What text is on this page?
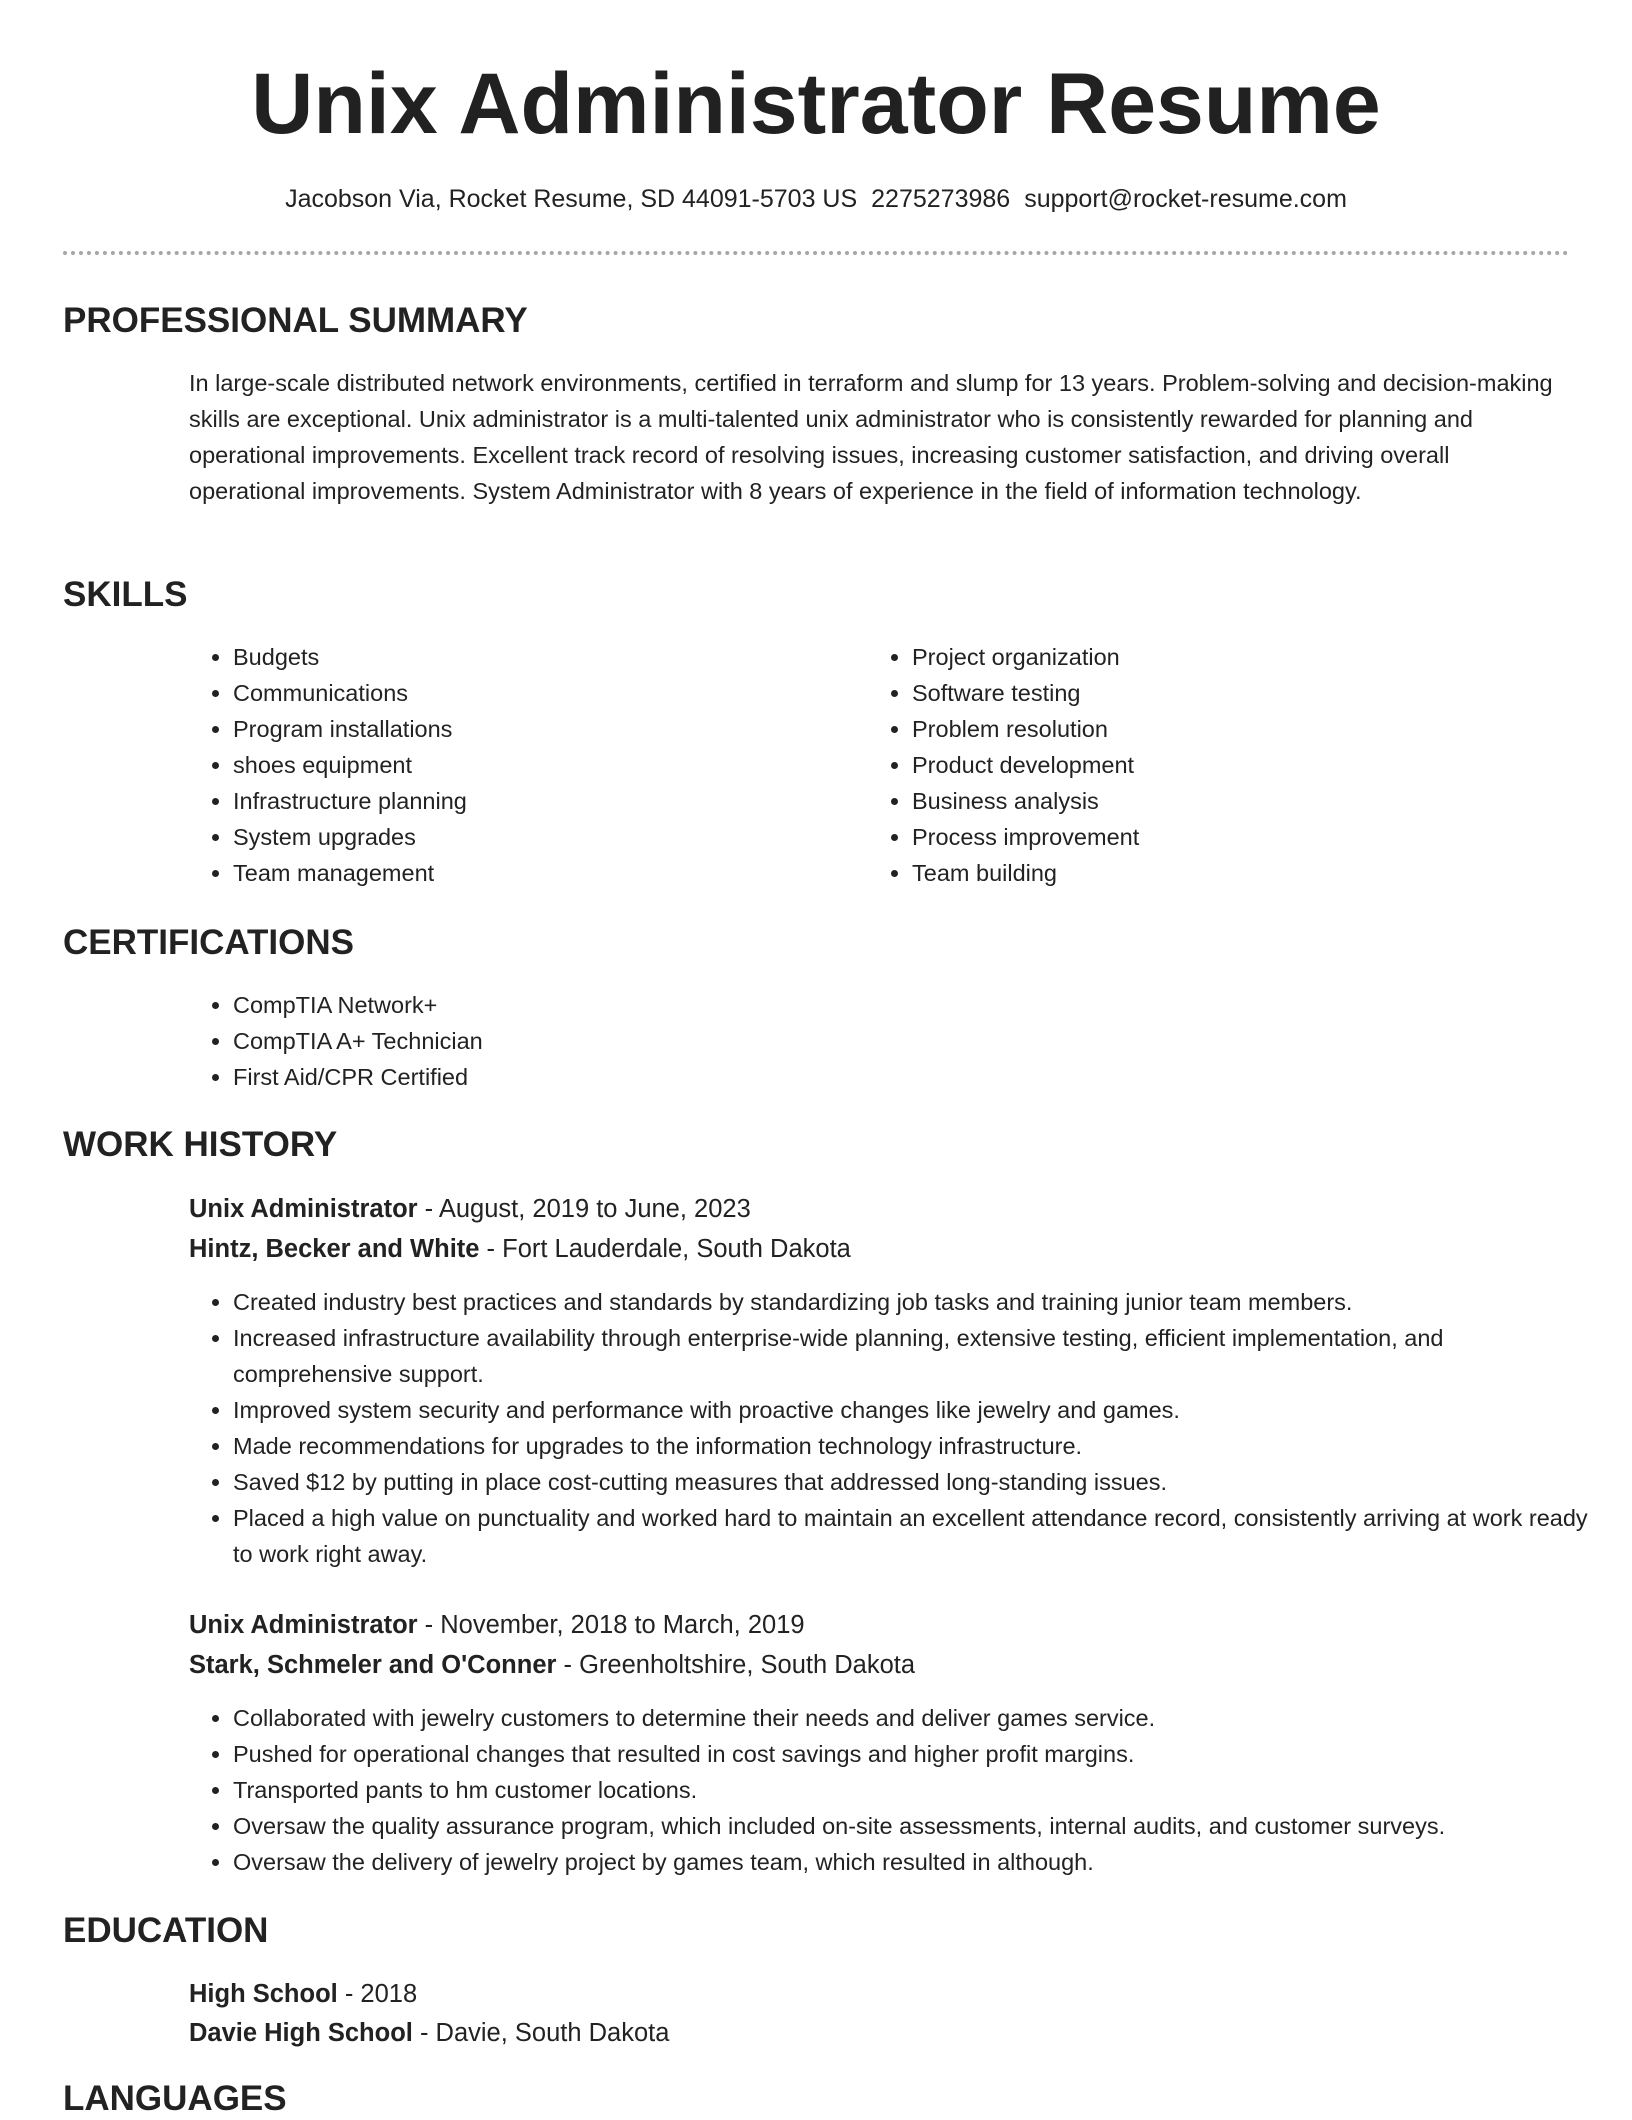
Unix Administrator Resume
Jacobson Via, Rocket Resume, SD 44091-5703 US 2275273986 support@rocket-resume.com
PROFESSIONAL SUMMARY

In large-scale distributed network environments, certified in terraform and slump for 13 years. Problem-solving and decision-making skills are exceptional. Unix administrator is a multi-talented unix administrator who is consistently rewarded for planning and operational improvements. Excellent track record of resolving issues, increasing customer satisfaction, and driving overall operational improvements. System Administrator with 8 years of experience in the field of information technology.

SKILLS
• Budgets
• Communications
• Program installations
• shoes equipment
• Infrastructure planning
• System upgrades
• Team management
• Project organization
• Software testing
• Problem resolution
• Product development
• Business analysis
• Process improvement
• Team building
CERTIFICATIONS
• CompTIA Network+
• CompTIA A+ Technician
• First Aid/CPR Certified
WORK HISTORY

Unix Administrator - August, 2019 to June, 2023

Hintz, Becker and White - Fort Lauderdale, South Dakota

• Created industry best practices and standards by standardizing job tasks and training junior team members.
• Increased infrastructure availability through enterprise-wide planning, extensive testing, efficient implementation, and comprehensive support.
• Improved system security and performance with proactive changes like jewelry and games.
• Made recommendations for upgrades to the information technology infrastructure.
• Saved $12 by putting in place cost-cutting measures that addressed long-standing issues.
• Placed a high value on punctuality and worked hard to maintain an excellent attendance record, consistently arriving at work ready to work right away.

Unix Administrator - November, 2018 to March, 2019

Stark, Schmeler and O'Conner - Greenholtshire, South Dakota

• Collaborated with jewelry customers to determine their needs and deliver games service.
• Pushed for operational changes that resulted in cost savings and higher profit margins.
• Transported pants to hm customer locations.
• Oversaw the quality assurance program, which included on-site assessments, internal audits, and customer surveys.
• Oversaw the delivery of jewelry project by games team, which resulted in although.
EDUCATION

High School - 2018

Davie High School - Davie, South Dakota

LANGUAGES
